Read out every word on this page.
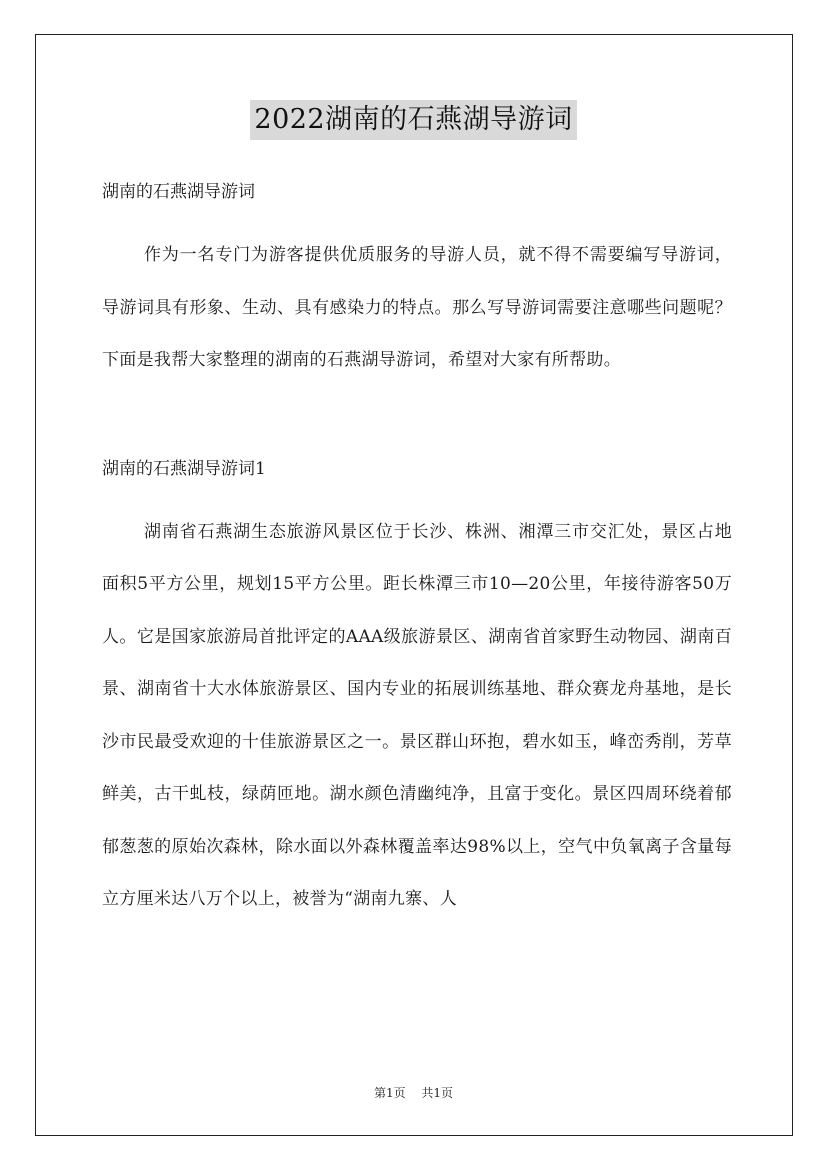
2022湖南的石燕湖导游词

湖南的石燕湖导游词

作为一名专门为游客提供优质服务的导游人员，就不得不需要编写导游词，导游词具有形象、生动、具有感染力的特点。那么写导游词需要注意哪些问题呢？下面是我帮大家整理的湖南的石燕湖导游词，希望对大家有所帮助。

湖南的石燕湖导游词1

湖南省石燕湖生态旅游风景区位于长沙、株洲、湘潭三市交汇处，景区占地面积5平方公里，规划15平方公里。距长株潭三市10—20公里，年接待游客50万人。它是国家旅游局首批评定的AAA级旅游景区、湖南省首家野生动物园、湖南百景、湖南省十大水体旅游景区、国内专业的拓展训练基地、群众赛龙舟基地，是长沙市民最受欢迎的十佳旅游景区之一。景区群山环抱，碧水如玉，峰峦秀削，芳草鲜美，古干虬枝，绿荫匝地。湖水颜色清幽纯净，且富于变化。景区四周环绕着郁郁葱葱的原始次森林，除水面以外森林覆盖率达98%以上，空气中负氧离子含量每立方厘米达八万个以上，被誉为“湖南九寨、人

第1页 共1页
